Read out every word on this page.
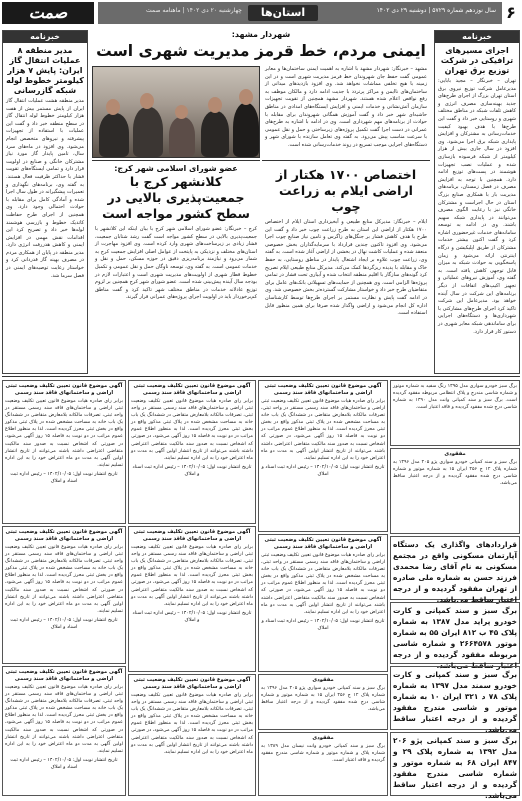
۶
سال نوزدهم شماره ۵۷۲۹ | دوشنبه ۲۹ دی ۱۴۰۲
استان‌ها
چهارشنبه ۲۰ دی ۱۴۰۲ | ماهنامه صمت
صمت
خبرنامه
اجرای مسیرهای ترافیکی در شرکت توزیع برق تهران
تهران – خبرنگار – مجید بابایی: مدیرعامل شرکت توزیع نیروی برق استان تهران بزرگ از اجرای طرح‌های جدید بهینه‌سازی مصرف انرژی و کاهش تلفات شبکه در مناطق مختلف شهری و روستایی خبر داد و گفت این طرح‌ها با هدف بهبود کیفیت خدمات‌رسانی به مشترکان و افزایش پایداری شبکه برق اجرا می‌شود. وی افزود در سال جاری بیش از هزار کیلومتر از شبکه فرسوده بازسازی شده و عملیات نصب تجهیزات هوشمند در پست‌های توزیع ادامه دارد. همچنین با توجه به افزایش مصرف در فصل زمستان، برنامه‌های مدیریت بار با همکاری صنایع بزرگ استان در حال اجراست و مشترکان خانگی نیز با رعایت الگوی مصرف می‌توانند در پایداری شبکه سهیم باشند. وی در ادامه به توسعه سامانه‌های خدمات غیرحضوری اشاره کرد و گفت اکنون بیشتر خدمات مشترکان از طریق اپلیکیشن و درگاه اینترنتی ارائه می‌شود و زمان پاسخگویی به حوادث شبکه به میزان قابل توجهی کاهش یافته است. به گفته وی، آموزش نیروهای عملیاتی و تجهیز اکیپ‌های اتفاقات از دیگر برنامه‌های این شرکت در سال آینده خواهد بود. مدیرعامل این شرکت تاکید کرد اجرای طرح‌های مشارکتی با شهرداری‌ها و دستگاه‌های اجرایی برای ساماندهی شبکه معابر شهری در دستور کار قرار دارد.
خبرنامه
مدیر منطقه ۸ عملیات انتقال گاز ایران: پایش ۷ هزار کیلومتر خطوط لوله شبکه گازرسانی
مدیر منطقه هشت عملیات انتقال گاز ایران از پایش مستمر بیش از هفت هزار کیلومتر خطوط لوله انتقال گاز در سطح منطقه خبر داد و گفت این عملیات با استفاده از تجهیزات پیشرفته و نیروهای متخصص انجام می‌شود. وی افزود در ماه‌های سرد سال، تامین پایدار گاز مورد نیاز مشترکان خانگی و صنایع در اولویت قرار دارد و تمامی ایستگاه‌های تقویت فشار با حداکثر ظرفیت فعال هستند. به گفته وی، برنامه‌های نگهداری و تعمیرات پیشگیرانه در طول سال اجرا شده و آمادگی کامل برای مقابله با حوادث احتمالی وجود دارد. وی همچنین از اجرای طرح حفاظت کاتدیک خطوط و بازرسی هوشمند لوله‌ها خبر داد و تصریح کرد این اقدامات نقش مهمی در افزایش ایمنی و کاهش هدررفت انرژی دارد. مدیر منطقه در پایان از همکاری مردم در مصرف بهینه گاز قدردانی کرد و خواستار رعایت توصیه‌های ایمنی در فصل سرما شد.
شهردار مشهد:
ایمنی مردم، خط قرمز مدیریت شهری است
مشهد – خبرنگار: شهردار مشهد با اشاره به اهمیت ایمنی ساختمان‌ها و معابر عمومی گفت حفظ جان شهروندان خط قرمز مدیریت شهری است و در این زمینه با هیچ تخلفی مماشات نخواهد شد. وی افزود بازدیدهای میدانی از ساختمان‌های ناایمن و مراکز پرتردد با جدیت ادامه دارد و مالکان موظف به رفع نواقص اعلام شده هستند. شهردار مشهد همچنین از تقویت تجهیزات سازمان آتش‌نشانی و خدمات ایمنی و افزایش ایستگاه‌های امدادی در مناطق حاشیه‌ای شهر خبر داد و گفت آموزش همگانی شهروندان برای مقابله با حوادث از برنامه‌های مهم شهرداری است. وی در ادامه با اشاره به طرح‌های عمرانی در دست اجرا گفت تکمیل پروژه‌های زیرساختی و حمل و نقل عمومی با سرعت مناسب پیش می‌رود. به گفته وی تعامل سازنده با شورای شهر و دستگاه‌های اجرایی موجب تسریع در روند خدمات‌رسانی شده است.
اختصاص ۱۷۰۰ هکتار از اراضی ایلام به زراعت چوب
ایلام – خبرنگار: مدیرکل منابع طبیعی و آبخیزداری استان ایلام از اختصاص ۱۷۰۰ هکتار از اراضی این استان به طرح زراعت چوب خبر داد و گفت این طرح با هدف کاهش فشار بر جنگل‌های زاگرس و تامین نیاز صنایع چوب اجرا می‌شود. وی افزود تاکنون چندین قرارداد با سرمایه‌گذاران بخش خصوصی منعقد شده و عملیات کاشت نهال در بخشی از اراضی آغاز شده است. به گفته وی، زراعت چوب علاوه بر ایجاد اشتغال پایدار در مناطق روستایی، به حفظ خاک و مقابله با پدیده ریزگردها کمک می‌کند. مدیرکل منابع طبیعی ایلام تصریح کرد گونه‌های سازگار با اقلیم منطقه انتخاب شده و آبیاری تحت فشار در تمامی پروژه‌ها الزامی است. وی همچنین از حمایت‌های تسهیلاتی بانک‌های عامل برای متقاضیان طرح خبر داد و خواستار مشارکت گسترده‌تر بخش خصوصی شد. وی در ادامه گفت پایش و نظارت مستمر بر اجرای طرح‌ها توسط کارشناسان اداره کل انجام می‌شود و اراضی واگذار شده صرفا برای همین منظور قابل استفاده است.
عضو شورای اسلامی شهر کرج:
کلانشهر کرج با جمعیت‌پذیری بالایی در سطح کشور مواجه است
کرج – خبرنگار: عضو شورای اسلامی شهر کرج با بیان اینکه این کلانشهر با جمعیت‌پذیری بالایی در سطح کشور مواجه است گفت رشد شتابان جمعیت، فشار زیادی بر زیرساخت‌های شهری وارد کرده است. وی افزود مهاجرت از استان‌های مختلف و نزدیکی به پایتخت از عوامل اصلی افزایش جمعیت کرج به شمار می‌رود و نیازمند برنامه‌ریزی دقیق در حوزه مسکن، حمل و نقل و خدمات عمومی است. به گفته وی، توسعه ناوگان حمل و نقل عمومی و تکمیل خطوط قطار شهری از اولویت‌های مدیریت شهری است و اعتبارات لازم در بودجه سال آینده پیش‌بینی شده است. عضو شورای شهر کرج همچنین بر لزوم توزیع عادلانه خدمات در مناطق مختلف شهر تاکید کرد و گفت مناطق کم‌برخوردار باید در اولویت اجرای پروژه‌های عمرانی قرار گیرند.
آگهی موضوع قانون تعیین تکلیف وضعیت ثبتی اراضی و ساختمانهای فاقد سند رسمی
برابر رای صادره هیات موضوع قانون تعیین تکلیف وضعیت ثبتی اراضی و ساختمان‌های فاقد سند رسمی مستقر در واحد ثبتی، تصرفات مالکانه بلامعارض متقاضی در ششدانگ یک باب خانه به مساحت مشخص شده در پلاک ثبتی مذکور واقع در بخش ثبتی محرز گردیده است. لذا به منظور اطلاع عموم مراتب در دو نوبت به فاصله ۱۵ روز آگهی می‌شود، در صورتی که اشخاص نسبت به صدور سند مالکیت متقاضی اعتراضی داشته باشند می‌توانند از تاریخ انتشار اولین آگهی به مدت دو ماه اعتراض خود را به این اداره تسلیم نمایند.
تاریخ انتشار نوبت اول: ۱۴۰۲/۱۰/۰۵ – رئیس اداره ثبت اسناد و املاک
آگهی موضوع قانون تعیین تکلیف وضعیت ثبتی اراضی و ساختمانهای فاقد سند رسمی
برابر رای صادره هیات موضوع قانون تعیین تکلیف وضعیت ثبتی اراضی و ساختمان‌های فاقد سند رسمی مستقر در واحد ثبتی، تصرفات مالکانه بلامعارض متقاضی در ششدانگ یک باب خانه به مساحت مشخص شده در پلاک ثبتی مذکور واقع در بخش ثبتی محرز گردیده است. لذا به منظور اطلاع عموم مراتب در دو نوبت به فاصله ۱۵ روز آگهی می‌شود، در صورتی که اشخاص نسبت به صدور سند مالکیت متقاضی اعتراضی داشته باشند می‌توانند از تاریخ انتشار اولین آگهی به مدت دو ماه اعتراض خود را به این اداره تسلیم نمایند.
تاریخ انتشار نوبت اول: ۱۴۰۲/۱۰/۰۵ – رئیس اداره ثبت اسناد و املاک
آگهی موضوع قانون تعیین تکلیف وضعیت ثبتی اراضی و ساختمانهای فاقد سند رسمی
برابر رای صادره هیات موضوع قانون تعیین تکلیف وضعیت ثبتی اراضی و ساختمان‌های فاقد سند رسمی مستقر در واحد ثبتی، تصرفات مالکانه بلامعارض متقاضی در ششدانگ یک باب خانه به مساحت مشخص شده در پلاک ثبتی مذکور واقع در بخش ثبتی محرز گردیده است. لذا به منظور اطلاع عموم مراتب در دو نوبت به فاصله ۱۵ روز آگهی می‌شود، در صورتی که اشخاص نسبت به صدور سند مالکیت متقاضی اعتراضی داشته باشند می‌توانند از تاریخ انتشار اولین آگهی به مدت دو ماه اعتراض خود را به این اداره تسلیم نمایند.
تاریخ انتشار نوبت اول: ۱۴۰۲/۱۰/۰۵ – رئیس اداره ثبت اسناد و املاک
آگهی موضوع قانون تعیین تکلیف وضعیت ثبتی اراضی و ساختمانهای فاقد سند رسمی
برابر رای صادره هیات موضوع قانون تعیین تکلیف وضعیت ثبتی اراضی و ساختمان‌های فاقد سند رسمی مستقر در واحد ثبتی، تصرفات مالکانه بلامعارض متقاضی در ششدانگ یک باب خانه به مساحت مشخص شده در پلاک ثبتی مذکور واقع در بخش ثبتی محرز گردیده است. لذا به منظور اطلاع عموم مراتب در دو نوبت به فاصله ۱۵ روز آگهی می‌شود، در صورتی که اشخاص نسبت به صدور سند مالکیت متقاضی اعتراضی داشته باشند می‌توانند از تاریخ انتشار اولین آگهی به مدت دو ماه اعتراض خود را به این اداره تسلیم نمایند.
تاریخ انتشار نوبت اول: ۱۴۰۲/۱۰/۰۵ – رئیس اداره ثبت اسناد و املاک
آگهی موضوع قانون تعیین تکلیف وضعیت ثبتی اراضی و ساختمانهای فاقد سند رسمی
برابر رای صادره هیات موضوع قانون تعیین تکلیف وضعیت ثبتی اراضی و ساختمان‌های فاقد سند رسمی مستقر در واحد ثبتی، تصرفات مالکانه بلامعارض متقاضی در ششدانگ یک باب خانه به مساحت مشخص شده در پلاک ثبتی مذکور واقع در بخش ثبتی محرز گردیده است. لذا به منظور اطلاع عموم مراتب در دو نوبت به فاصله ۱۵ روز آگهی می‌شود، در صورتی که اشخاص نسبت به صدور سند مالکیت متقاضی اعتراضی داشته باشند می‌توانند از تاریخ انتشار اولین آگهی به مدت دو ماه اعتراض خود را به این اداره تسلیم نمایند.
تاریخ انتشار نوبت اول: ۱۴۰۲/۱۰/۰۵ – رئیس اداره ثبت اسناد و املاک
آگهی موضوع قانون تعیین تکلیف وضعیت ثبتی اراضی و ساختمانهای فاقد سند رسمی
برابر رای صادره هیات موضوع قانون تعیین تکلیف وضعیت ثبتی اراضی و ساختمان‌های فاقد سند رسمی مستقر در واحد ثبتی، تصرفات مالکانه بلامعارض متقاضی در ششدانگ یک باب خانه به مساحت مشخص شده در پلاک ثبتی مذکور واقع در بخش ثبتی محرز گردیده است. لذا به منظور اطلاع عموم مراتب در دو نوبت به فاصله ۱۵ روز آگهی می‌شود، در صورتی که اشخاص نسبت به صدور سند مالکیت متقاضی اعتراضی داشته باشند می‌توانند از تاریخ انتشار اولین آگهی به مدت دو ماه اعتراض خود را به این اداره تسلیم نمایند.
آگهی موضوع قانون تعیین تکلیف وضعیت ثبتی اراضی و ساختمانهای فاقد سند رسمی
برابر رای صادره هیات موضوع قانون تعیین تکلیف وضعیت ثبتی اراضی و ساختمان‌های فاقد سند رسمی مستقر در واحد ثبتی، تصرفات مالکانه بلامعارض متقاضی در ششدانگ یک باب خانه به مساحت مشخص شده در پلاک ثبتی مذکور واقع در بخش ثبتی محرز گردیده است. لذا به منظور اطلاع عموم مراتب در دو نوبت به فاصله ۱۵ روز آگهی می‌شود، در صورتی که اشخاص نسبت به صدور سند مالکیت متقاضی اعتراضی داشته باشند می‌توانند از تاریخ انتشار اولین آگهی به مدت دو ماه اعتراض خود را به این اداره تسلیم نمایند.
تاریخ انتشار نوبت اول: ۱۴۰۲/۱۰/۰۵ – رئیس اداره ثبت اسناد و املاک
آگهی موضوع قانون تعیین تکلیف وضعیت ثبتی اراضی و ساختمانهای فاقد سند رسمی
برابر رای صادره هیات موضوع قانون تعیین تکلیف وضعیت ثبتی اراضی و ساختمان‌های فاقد سند رسمی مستقر در واحد ثبتی، تصرفات مالکانه بلامعارض متقاضی در ششدانگ یک باب خانه به مساحت مشخص شده در پلاک ثبتی مذکور واقع در بخش ثبتی محرز گردیده است. لذا به منظور اطلاع عموم مراتب در دو نوبت به فاصله ۱۵ روز آگهی می‌شود، در صورتی که اشخاص نسبت به صدور سند مالکیت متقاضی اعتراضی داشته باشند می‌توانند از تاریخ انتشار اولین آگهی به مدت دو ماه اعتراض خود را به این اداره تسلیم نمایند.
تاریخ انتشار نوبت اول: ۱۴۰۲/۱۰/۰۵ – رئیس اداره ثبت اسناد و املاک
مفقودی
برگ سبز و سند کمپانی خودرو سواری پژو ۴۰۵ مدل ۱۳۹۶ به شماره پلاک ۱۲ ج ۴۵۶ ایران ۱۵ به شماره موتور و شماره شاسی درج شده مفقود گردیده و از درجه اعتبار ساقط می‌باشد.
مفقودی
برگ سبز و سند کمپانی خودرو وانت نیسان مدل ۱۳۸۹ به شماره پلاک و شماره موتور و شماره شاسی مندرج مفقود گردیده و فاقد اعتبار است.
برگ سبز خودرو سواری مدل ۱۳۹۵ رنگ سفید به شماره موتور و شماره شاسی مندرج و پلاک انتظامی مربوطه مفقود گردیده است. برگ سبز و سند کمپانی وانت مدل ۱۳۹۰ به شماره شاسی درج شده مفقود گردیده و فاقد اعتبار است.
مفقودی
برگ سبز و سند کمپانی خودرو سواری پژو ۴۰۵ مدل ۱۳۹۶ به شماره پلاک ۱۲ ج ۴۵۶ ایران ۱۵ به شماره موتور و شماره شاسی درج شده مفقود گردیده و از درجه اعتبار ساقط می‌باشد.
قراردادهای واگذاری یک دستگاه آپارتمان مسکونی واقع در مجتمع مسکونی به نام آقای رضا محمدی فرزند حسن به شماره ملی صادره از تهران مفقود گردیده و از درجه اعتبار ساقط می‌باشد.
برگ سبز و سند کمپانی و کارت خودرو پراید مدل ۱۳۸۷ به شماره پلاک ۴۵ ب ۸۱۲ ایران ۵۵ به شماره موتور ۲۶۶۴۵۷۸ و شماره شاسی مربوطه مفقود گردیده و از درجه اعتبار ساقط می‌باشد.
برگ سبز و سند کمپانی و کارت خودرو سمند مدل ۱۳۹۷ به شماره پلاک ۷۸ د ۳۲۱ ایران ۱۰ به شماره موتور و شاسی مندرج مفقود گردیده و از درجه اعتبار ساقط می‌باشد.
برگ سبز و سند کمپانی پژو ۲۰۶ مدل ۱۳۹۲ به شماره پلاک ۲۹ و ۸۴۷ ایران ۶۸ به شماره موتور و شماره شاسی مندرج مفقود گردیده و از درجه اعتبار ساقط می‌باشد.
